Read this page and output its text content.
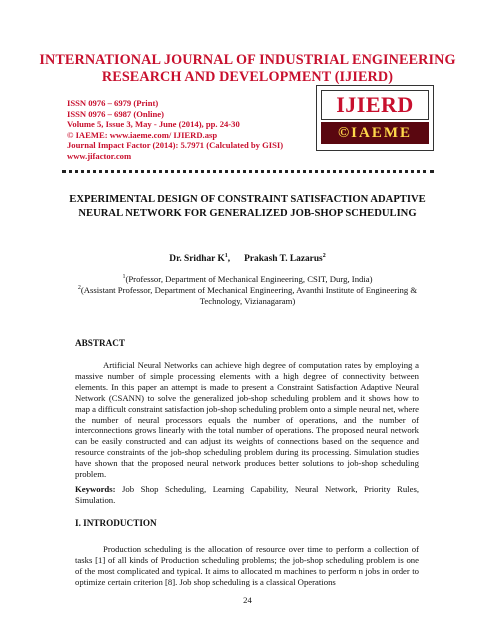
INTERNATIONAL JOURNAL OF INDUSTRIAL ENGINEERING RESEARCH AND DEVELOPMENT (IJIERD)
ISSN 0976 – 6979 (Print)
ISSN 0976 – 6987 (Online)
Volume 5, Issue 3, May - June (2014), pp. 24-30
© IAEME: www.iaeme.com/ IJIERD.asp
Journal Impact Factor (2014): 5.7971 (Calculated by GISI)
www.jifactor.com
IJIERD
©IAEME
EXPERIMENTAL DESIGN OF CONSTRAINT SATISFACTION ADAPTIVE NEURAL NETWORK FOR GENERALIZED JOB-SHOP SCHEDULING
Dr. Sridhar $K^1$, Prakash T. Lazarus$^2$
$^1$(Professor, Department of Mechanical Engineering, CSIT, Durg, India)
$^2$(Assistant Professor, Department of Mechanical Engineering, Avanthi Institute of Engineering & Technology, Vizianagaram)
ABSTRACT

Artificial Neural Networks can achieve high degree of computation rates by employing a massive number of simple processing elements with a high degree of connectivity between elements. In this paper an attempt is made to present a Constraint Satisfaction Adaptive Neural Network (CSANN) to solve the generalized job-shop scheduling problem and it shows how to map a difficult constraint satisfaction job-shop scheduling problem onto a simple neural net, where the number of neural processors equals the number of operations, and the number of interconnections grows linearly with the total number of operations. The proposed neural network can be easily constructed and can adjust its weights of connections based on the sequence and resource constraints of the job-shop scheduling problem during its processing. Simulation studies have shown that the proposed neural network produces better solutions to job-shop scheduling problem.

Keywords: Job Shop Scheduling, Learning Capability, Neural Network, Priority Rules, Simulation.

I. INTRODUCTION

Production scheduling is the allocation of resource over time to perform a collection of tasks [1] of all kinds of Production scheduling problems; the job-shop scheduling problem is one of the most complicated and typical. It aims to allocated m machines to perform n jobs in order to optimize certain criterion [8]. Job shop scheduling is a classical Operations

24
